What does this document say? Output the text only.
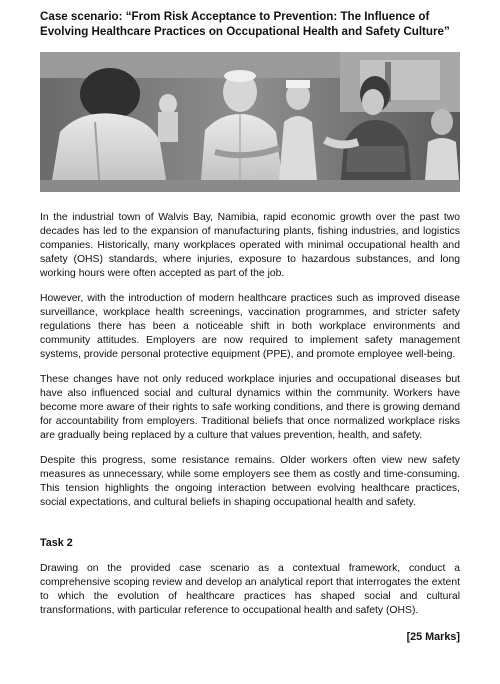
Case scenario: “From Risk Acceptance to Prevention: The Influence of Evolving Healthcare Practices on Occupational Health and Safety Culture”

In the industrial town of Walvis Bay, Namibia, rapid economic growth over the past two decades has led to the expansion of manufacturing plants, fishing industries, and logistics companies. Historically, many workplaces operated with minimal occupational health and safety (OHS) standards, where injuries, exposure to hazardous substances, and long working hours were often accepted as part of the job.

However, with the introduction of modern healthcare practices such as improved disease surveillance, workplace health screenings, vaccination programmes, and stricter safety regulations there has been a noticeable shift in both workplace environments and community attitudes. Employers are now required to implement safety management systems, provide personal protective equipment (PPE), and promote employee well-being.

These changes have not only reduced workplace injuries and occupational diseases but have also influenced social and cultural dynamics within the community. Workers have become more aware of their rights to safe working conditions, and there is growing demand for accountability from employers. Traditional beliefs that once normalized workplace risks are gradually being replaced by a culture that values prevention, health, and safety.

Despite this progress, some resistance remains. Older workers often view new safety measures as unnecessary, while some employers see them as costly and time-consuming. This tension highlights the ongoing interaction between evolving healthcare practices, social expectations, and cultural beliefs in shaping occupational health and safety.

Task 2

Drawing on the provided case scenario as a contextual framework, conduct a comprehensive scoping review and develop an analytical report that interrogates the extent to which the evolution of healthcare practices has shaped social and cultural transformations, with particular reference to occupational health and safety (OHS).

[25 Marks]
